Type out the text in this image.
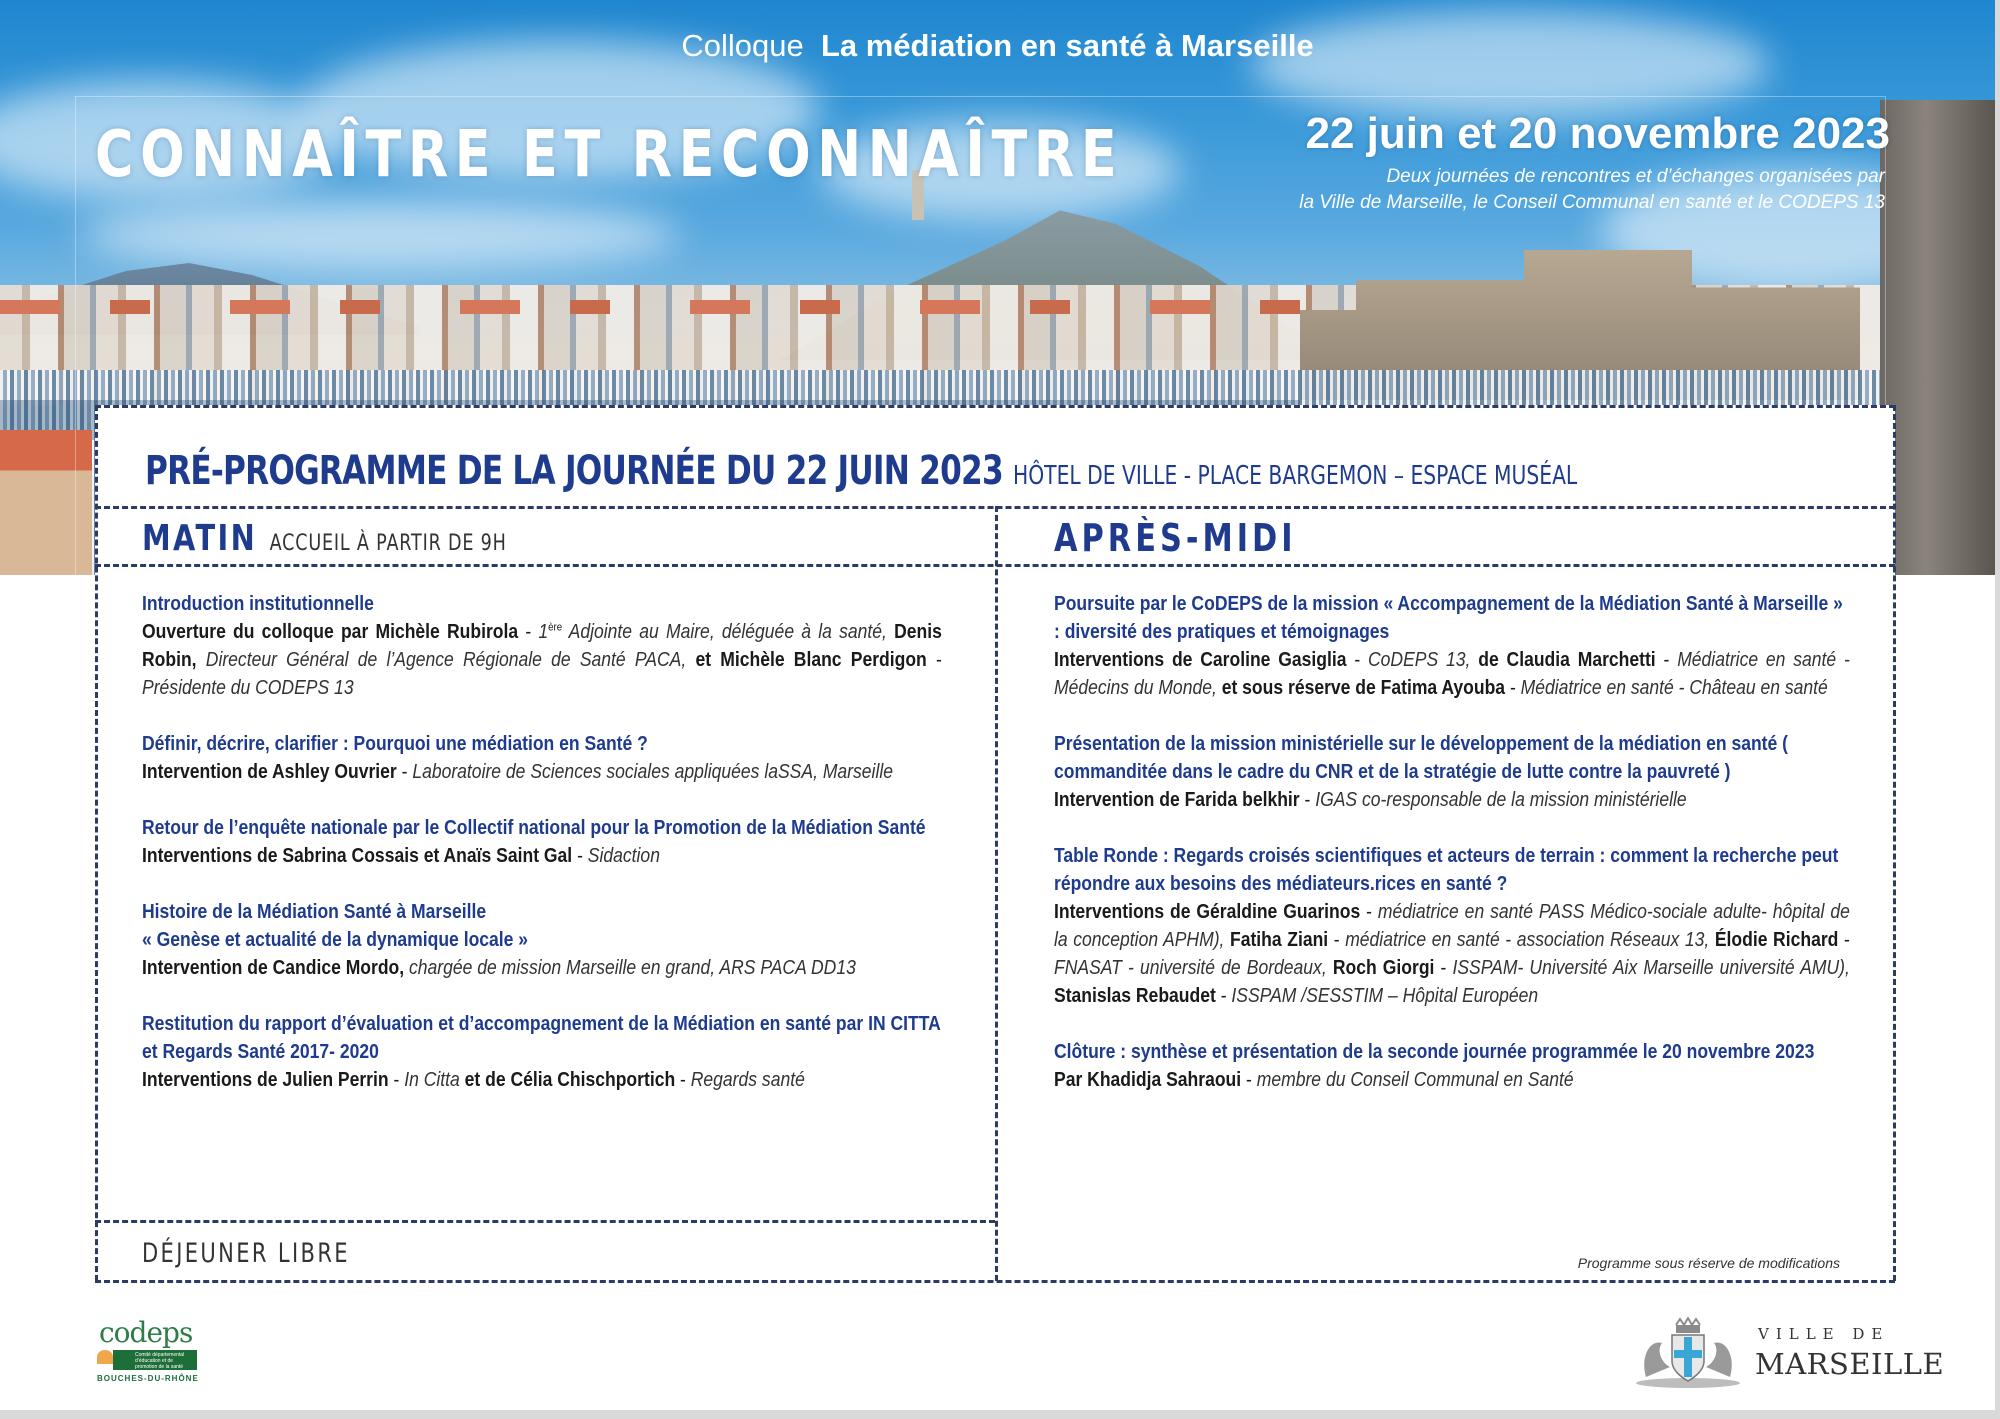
Colloque La médiation en santé à Marseille
CONNAÎTRE ET RECONNAÎTRE	22 juin et 20 novembre 2023
Deux journées de rencontres et d’échanges organisées par
la Ville de Marseille, le Conseil Communal en santé et le CODEPS 13
PRÉ-PROGRAMME DE LA JOURNÉE DU 22 JUIN 2023 HÔTEL DE VILLE - PLACE BARGEMON – ESPACE MUSÉAL
MATIN ACCUEIL À PARTIR DE 9H	APRÈS-MIDI
Introduction institutionnelle
Ouverture du colloque par Michèle Rubirola - 1ère Adjointe au Maire, déléguée à la santé, Denis Robin, Directeur Général de l’Agence Régionale de Santé PACA, et Michèle Blanc Perdigon - Présidente du CODEPS 13
Définir, décrire, clarifier : Pourquoi une médiation en Santé ?
Intervention de Ashley Ouvrier - Laboratoire de Sciences sociales appliquées laSSA, Marseille
Retour de l’enquête nationale par le Collectif national pour la Promotion de la Médiation Santé
Interventions de Sabrina Cossais et Anaïs Saint Gal - Sidaction
Histoire de la Médiation Santé à Marseille
« Genèse et actualité de la dynamique locale »
Intervention de Candice Mordo, chargée de mission Marseille en grand, ARS PACA DD13
Restitution du rapport d’évaluation et d’accompagnement de la Médiation en santé par IN CITTA et Regards Santé 2017- 2020
Interventions de Julien Perrin - In Citta et de Célia Chischportich - Regards santé
Poursuite par le CoDEPS de la mission « Accompagnement de la Médiation Santé à Marseille » : diversité des pratiques et témoignages
Interventions de Caroline Gasiglia - CoDEPS 13, de Claudia Marchetti - Médiatrice en santé - Médecins du Monde, et sous réserve de Fatima Ayouba - Médiatrice en santé - Château en santé
Présentation de la mission ministérielle sur le développement de la médiation en santé ( commanditée dans le cadre du CNR et de la stratégie de lutte contre la pauvreté )
Intervention de Farida belkhir - IGAS co-responsable de la mission ministérielle
Table Ronde : Regards croisés scientifiques et acteurs de terrain : comment la recherche peut répondre aux besoins des médiateurs.rices en santé ?
Interventions de Géraldine Guarinos - médiatrice en santé PASS Médico-sociale adulte- hôpital de la conception APHM), Fatiha Ziani - médiatrice en santé - association Réseaux 13, Élodie Richard - FNASAT - université de Bordeaux, Roch Giorgi - ISSPAM- Université Aix Marseille université AMU), Stanislas Rebaudet - ISSPAM /SESSTIM – Hôpital Européen
Clôture : synthèse et présentation de la seconde journée programmée le 20 novembre 2023
Par Khadidja Sahraoui - membre du Conseil Communal en Santé
DÉJEUNER LIBRE	Programme sous réserve de modifications
codeps
Comité départemental d’éducation et de promotion de la santé
BOUCHES-DU-RHÔNE
VILLE DE
MARSEILLE
